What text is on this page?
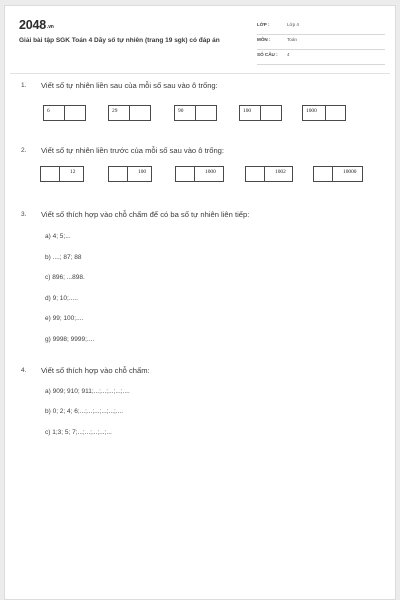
2048.vn
Giải bài tập SGK Toán 4 Dãy số tự nhiên (trang 19 sgk) có đáp án
LỚP :	Lớp 4
MÔN :	Toán
SỐ CÂU : 4
1. Viết số tự nhiên liền sau của mỗi số sau vào ô trống:
6	29	90	100	1000
2. Viết số tự nhiên liền trước của mỗi số sau vào ô trống:
12	100	1000	1002	10000
3. Viết số thích hợp vào chỗ chấm để có ba số tự nhiên liên tiếp:
a) 4; 5;...
b) ....; 87; 88
c) 896; ...898.
d) 9; 10;.....
e) 99; 100;....
g) 9998; 9999;....
4. Viết số thích hợp vào chỗ chấm:
a) 909; 910; 911;...;...;...;...;....
b) 0; 2; 4; 6;...;...;...;...;...;....
c) 1;3; 5; 7;...;...;...;...;...
